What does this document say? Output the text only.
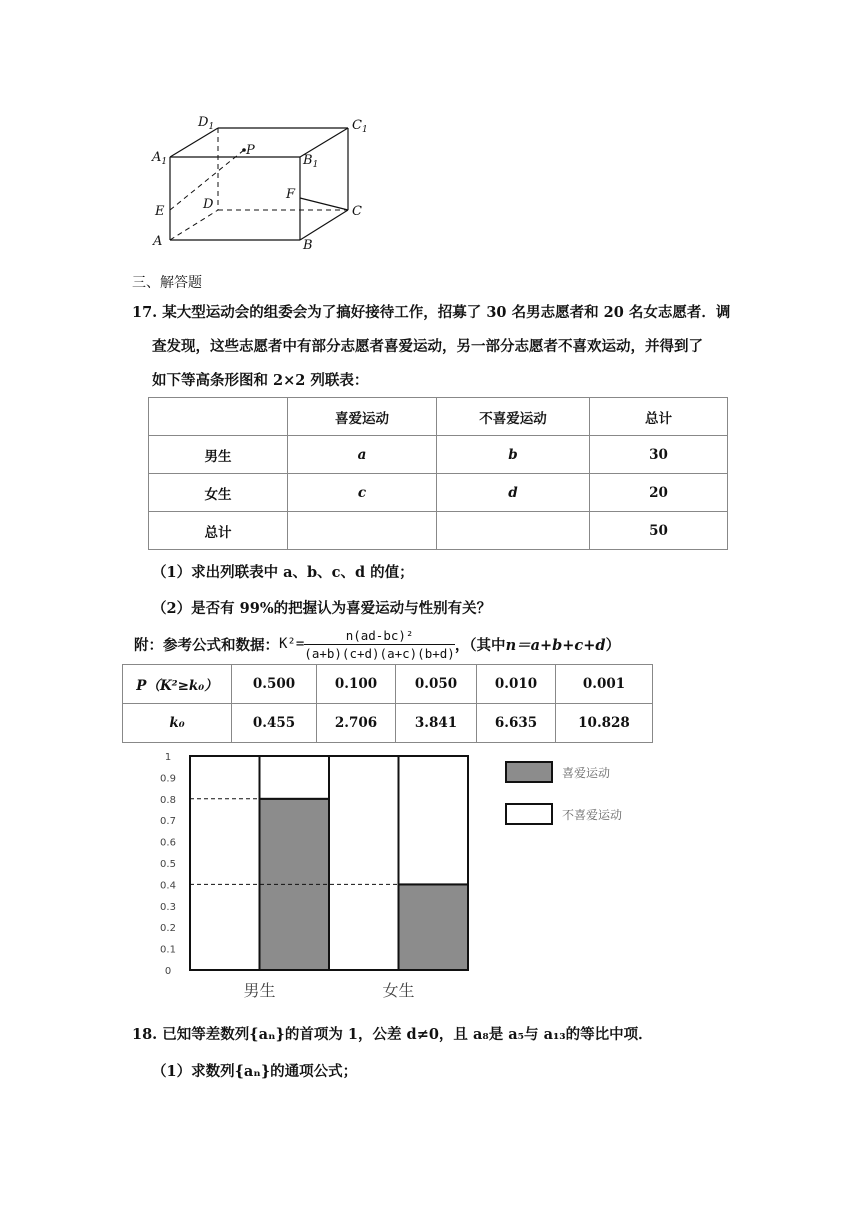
$D_1$	$C_1$
$A_1$	$B_1$
P
E	D
F
C
A	B
三、解答题
17. 某大型运动会的组委会为了搞好接待工作，招募了 30 名男志愿者和 20 名女志愿者．调
查发现，这些志愿者中有部分志愿者喜爱运动，另一部分志愿者不喜欢运动，并得到了
如下等高条形图和 2×2 列联表：
	喜爱运动	不喜爱运动	总计
男生	a	b	30
女生	c	d	20
总计			50
（1）求出列联表中 a、b、c、d 的值；
（2）是否有 99%的把握认为喜爱运动与性别有关？
附：参考公式和数据： $K^2= \frac{\text{n(ad-bc)²}}{(a+b)(c+d)(a+c)(b+d)}$ ，（其中 n＝a+b+c+d ）
P（K²≥k₀）	0.500	0.100	0.050	0.010	0.001
k₀	0.455	2.706	3.841	6.635	10.828
0
0.1
0.2
0.3
0.4
0.5
0.6
0.7
0.8
0.9
1
男生	女生
喜爱运动
不喜爱运动
18. 已知等差数列{aₙ}的首项为 1，公差 d≠0，且 a₈是 a₅与 a₁₃的等比中项．
（1）求数列{aₙ}的通项公式；
